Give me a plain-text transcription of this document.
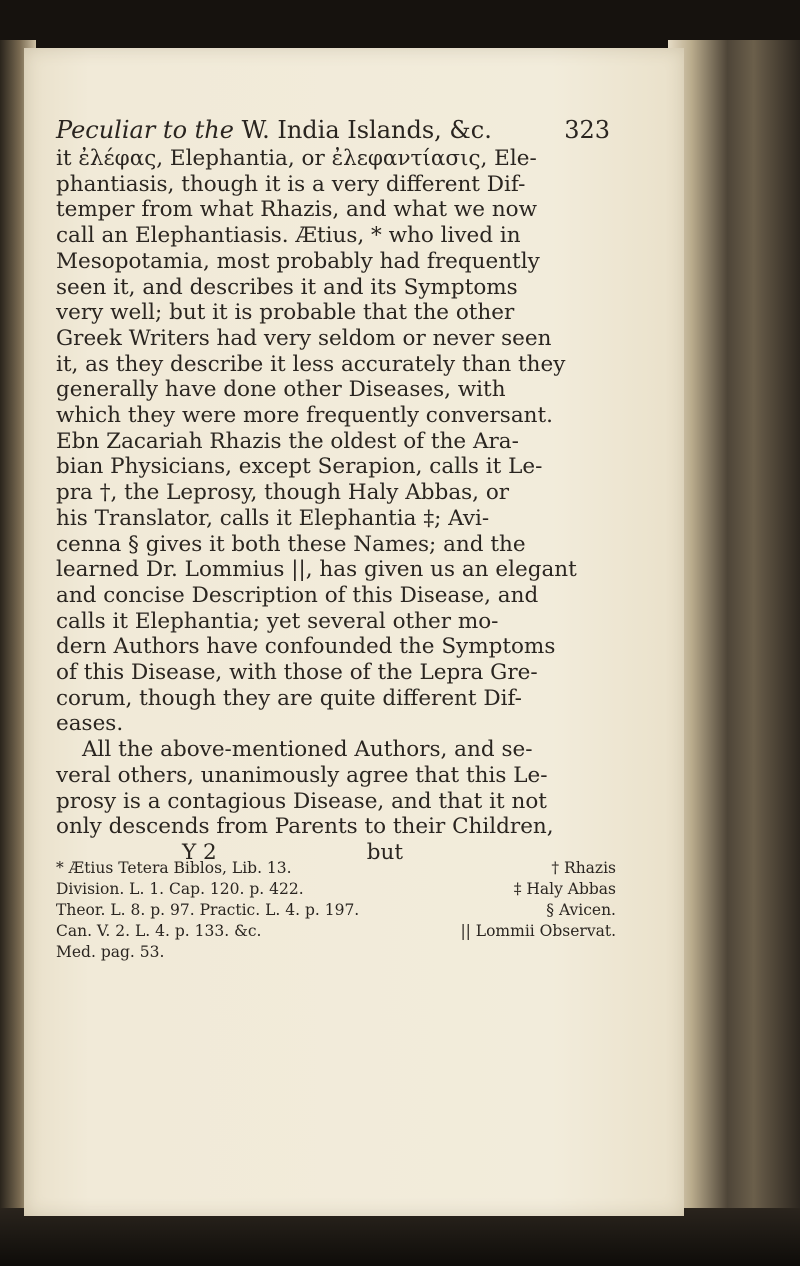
Peculiar to the W. India Islands, &c.	323
it ἐλέφας, Elephantia, or ἐλεφαντίασις, Ele-
phantiasis, though it is a very different Dif-
temper from what Rhazis, and what we now
call an Elephantiasis. Ætius, * who lived in
Mesopotamia, most probably had frequently
seen it, and describes it and its Symptoms
very well; but it is probable that the other
Greek Writers had very seldom or never seen
it, as they describe it less accurately than they
generally have done other Diseases, with
which they were more frequently conversant.
Ebn Zacariah Rhazis the oldest of the Ara-
bian Physicians, except Serapion, calls it Le-
pra †, the Leprosy, though Haly Abbas, or
his Translator, calls it Elephantia ‡; Avi-
cenna § gives it both these Names; and the
learned Dr. Lommius ||, has given us an elegant
and concise Description of this Disease, and
calls it Elephantia; yet several other mo-
dern Authors have confounded the Symptoms
of this Disease, with those of the Lepra Gre-
corum, though they are quite different Dif-
eases.
All the above-mentioned Authors, and se-
veral others, unanimously agree that this Le-
prosy is a contagious Disease, and that it not
only descends from Parents to their Children,
Y 2	but
* Ætius Tetera Biblos, Lib. 13.	† Rhazis
Division. L. 1. Cap. 120. p. 422.	‡ Haly Abbas
Theor. L. 8. p. 97. Practic. L. 4. p. 197.	§ Avicen.
Can. V. 2. L. 4. p. 133. &c.	|| Lommii Observat.
Med. pag. 53.
